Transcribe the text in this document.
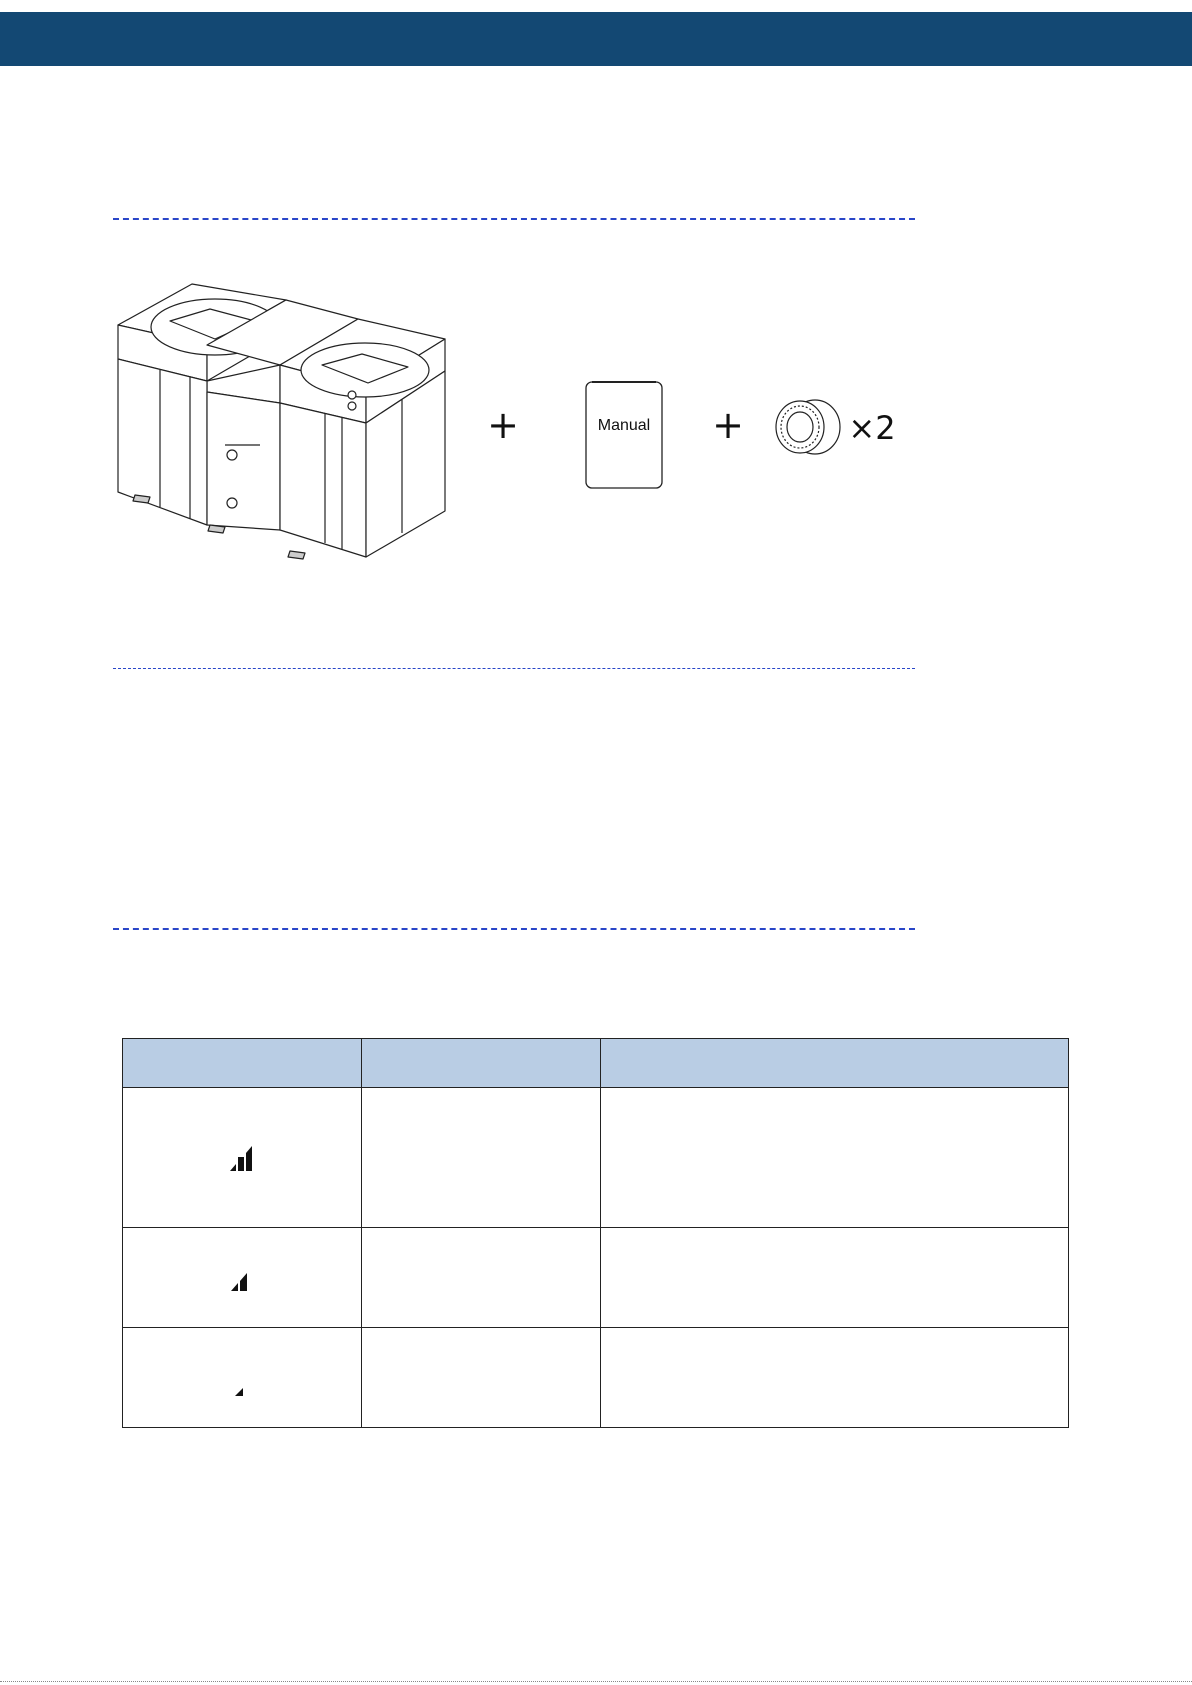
+	Manual +	×2
